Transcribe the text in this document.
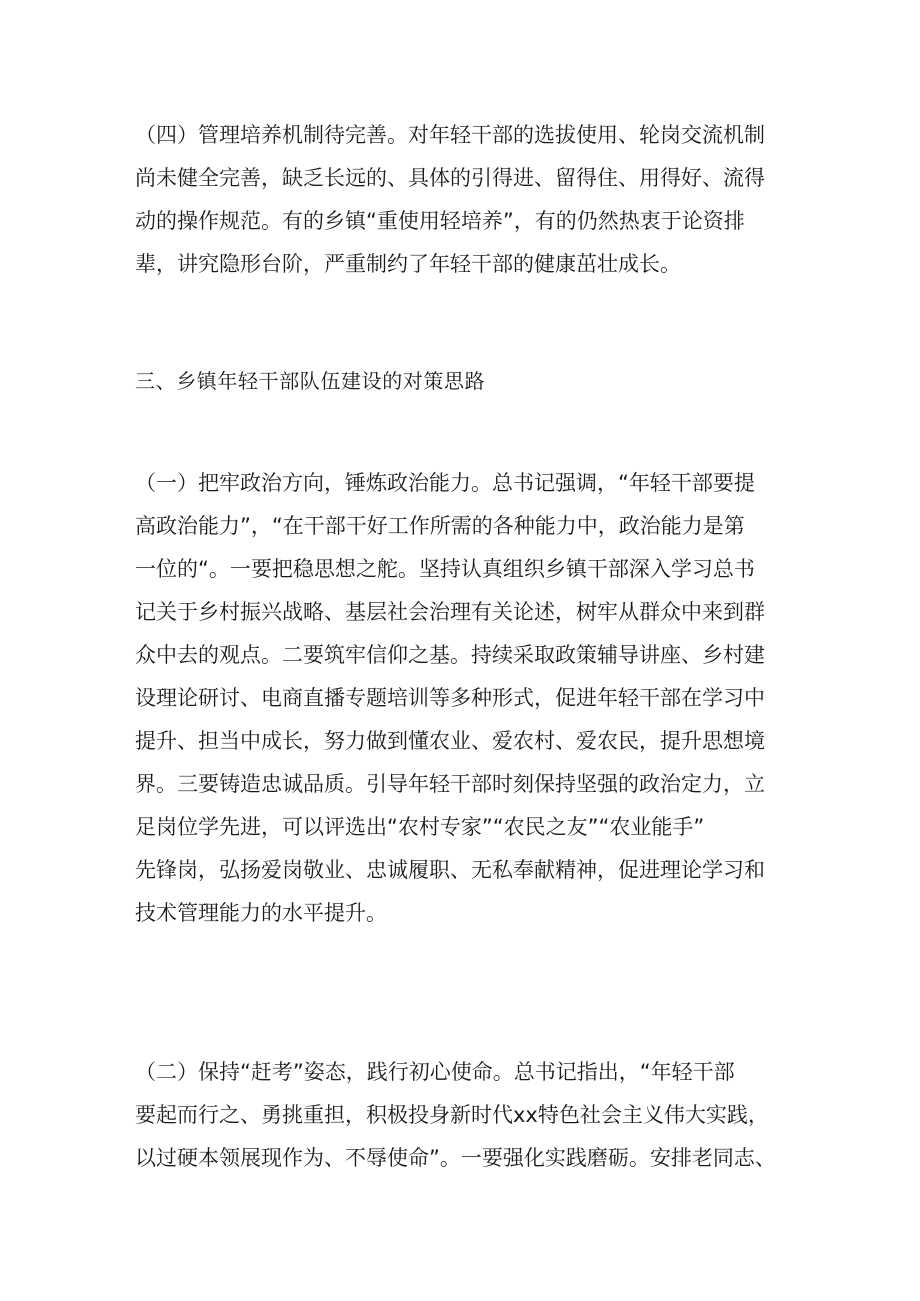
（四）管理培养机制待完善。对年轻干部的选拔使用、轮岗交流机制
尚未健全完善，缺乏长远的、具体的引得进、留得住、用得好、流得
动的操作规范。有的乡镇“重使用轻培养”，有的仍然热衷于论资排
辈，讲究隐形台阶，严重制约了年轻干部的健康茁壮成长。
三、乡镇年轻干部队伍建设的对策思路
（一）把牢政治方向，锤炼政治能力。总书记强调，“年轻干部要提
高政治能力”，“在干部干好工作所需的各种能力中，政治能力是第
一位的“。一要把稳思想之舵。坚持认真组织乡镇干部深入学习总书
记关于乡村振兴战略、基层社会治理有关论述，树牢从群众中来到群
众中去的观点。二要筑牢信仰之基。持续采取政策辅导讲座、乡村建
设理论研讨、电商直播专题培训等多种形式，促进年轻干部在学习中
提升、担当中成长，努力做到懂农业、爱农村、爱农民，提升思想境
界。三要铸造忠诚品质。引导年轻干部时刻保持坚强的政治定力，立
足岗位学先进，可以评选出“农村专家”“农民之友”“农业能手”
先锋岗，弘扬爱岗敬业、忠诚履职、无私奉献精神，促进理论学习和
技术管理能力的水平提升。
（二）保持“赶考”姿态，践行初心使命。总书记指出，“年轻干部
要起而行之、勇挑重担，积极投身新时代xx特色社会主义伟大实践，
以过硬本领展现作为、不辱使命”。一要强化实践磨砺。安排老同志、
